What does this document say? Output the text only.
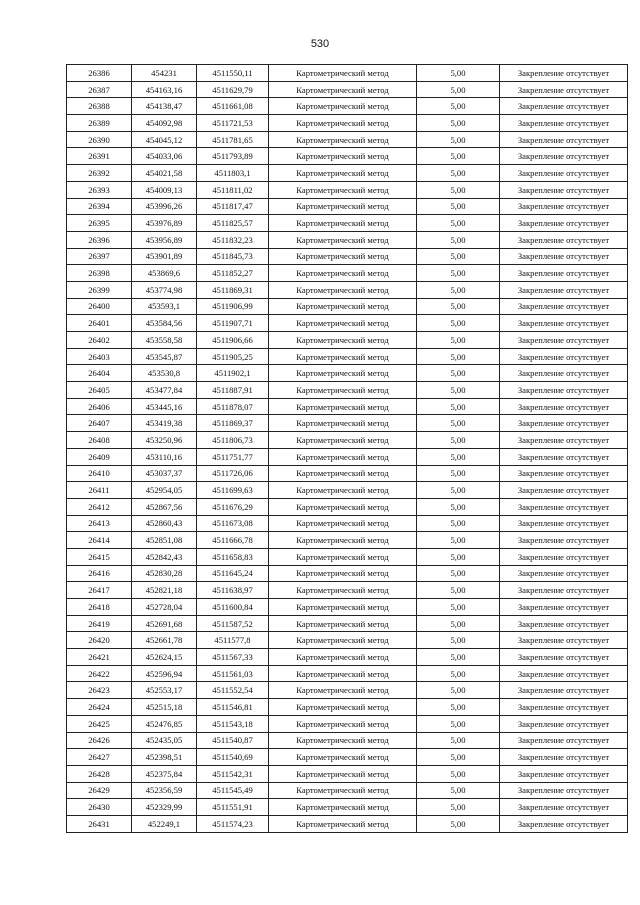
530
26386	454231	4511550,11	Картометрический метод	5,00	Закрепление отсутствует
26387	454163,16	4511629,79	Картометрический метод	5,00	Закрепление отсутствует
26388	454138,47	4511661,08	Картометрический метод	5,00	Закрепление отсутствует
26389	454092,98	4511721,53	Картометрический метод	5,00	Закрепление отсутствует
26390	454045,12	4511781,65	Картометрический метод	5,00	Закрепление отсутствует
26391	454033,06	4511793,89	Картометрический метод	5,00	Закрепление отсутствует
26392	454021,58	4511803,1	Картометрический метод	5,00	Закрепление отсутствует
26393	454009,13	4511811,02	Картометрический метод	5,00	Закрепление отсутствует
26394	453996,26	4511817,47	Картометрический метод	5,00	Закрепление отсутствует
26395	453976,89	4511825,57	Картометрический метод	5,00	Закрепление отсутствует
26396	453956,89	4511832,23	Картометрический метод	5,00	Закрепление отсутствует
26397	453901,89	4511845,73	Картометрический метод	5,00	Закрепление отсутствует
26398	453869,6	4511852,27	Картометрический метод	5,00	Закрепление отсутствует
26399	453774,98	4511869,31	Картометрический метод	5,00	Закрепление отсутствует
26400	453593,1	4511906,99	Картометрический метод	5,00	Закрепление отсутствует
26401	453584,56	4511907,71	Картометрический метод	5,00	Закрепление отсутствует
26402	453558,58	4511906,66	Картометрический метод	5,00	Закрепление отсутствует
26403	453545,87	4511905,25	Картометрический метод	5,00	Закрепление отсутствует
26404	453530,8	4511902,1	Картометрический метод	5,00	Закрепление отсутствует
26405	453477,84	4511887,91	Картометрический метод	5,00	Закрепление отсутствует
26406	453445,16	4511878,07	Картометрический метод	5,00	Закрепление отсутствует
26407	453419,38	4511869,37	Картометрический метод	5,00	Закрепление отсутствует
26408	453250,96	4511806,73	Картометрический метод	5,00	Закрепление отсутствует
26409	453110,16	4511751,77	Картометрический метод	5,00	Закрепление отсутствует
26410	453037,37	4511726,06	Картометрический метод	5,00	Закрепление отсутствует
26411	452954,05	4511699,63	Картометрический метод	5,00	Закрепление отсутствует
26412	452867,56	4511676,29	Картометрический метод	5,00	Закрепление отсутствует
26413	452860,43	4511673,08	Картометрический метод	5,00	Закрепление отсутствует
26414	452851,08	4511666,78	Картометрический метод	5,00	Закрепление отсутствует
26415	452842,43	4511658,83	Картометрический метод	5,00	Закрепление отсутствует
26416	452830,28	4511645,24	Картометрический метод	5,00	Закрепление отсутствует
26417	452821,18	4511638,97	Картометрический метод	5,00	Закрепление отсутствует
26418	452728,04	4511600,84	Картометрический метод	5,00	Закрепление отсутствует
26419	452691,68	4511587,52	Картометрический метод	5,00	Закрепление отсутствует
26420	452661,78	4511577,8	Картометрический метод	5,00	Закрепление отсутствует
26421	452624,15	4511567,33	Картометрический метод	5,00	Закрепление отсутствует
26422	452596,94	4511561,03	Картометрический метод	5,00	Закрепление отсутствует
26423	452553,17	4511552,54	Картометрический метод	5,00	Закрепление отсутствует
26424	452515,18	4511546,81	Картометрический метод	5,00	Закрепление отсутствует
26425	452476,85	4511543,18	Картометрический метод	5,00	Закрепление отсутствует
26426	452435,05	4511540,87	Картометрический метод	5,00	Закрепление отсутствует
26427	452398,51	4511540,69	Картометрический метод	5,00	Закрепление отсутствует
26428	452375,84	4511542,31	Картометрический метод	5,00	Закрепление отсутствует
26429	452356,59	4511545,49	Картометрический метод	5,00	Закрепление отсутствует
26430	452329,99	4511551,91	Картометрический метод	5,00	Закрепление отсутствует
26431	452249,1	4511574,23	Картометрический метод	5,00	Закрепление отсутствует
